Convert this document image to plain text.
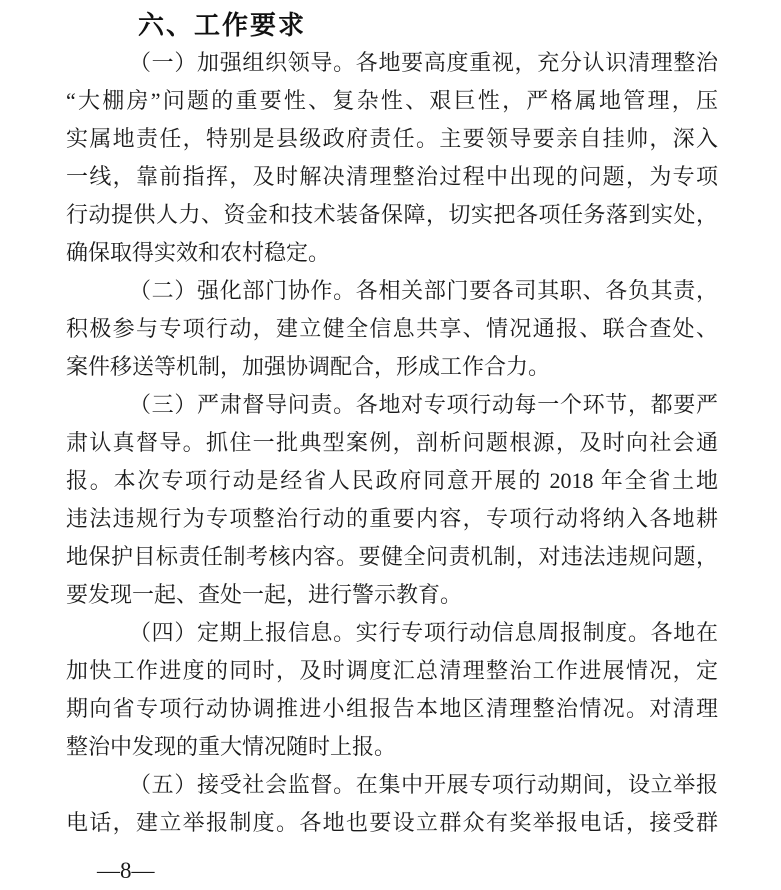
六、工作要求
（一）加强组织领导。各地要高度重视，充分认识清理整治
“大棚房”问题的重要性、复杂性、艰巨性，严格属地管理，压
实属地责任，特别是县级政府责任。主要领导要亲自挂帅，深入
一线，靠前指挥，及时解决清理整治过程中出现的问题，为专项
行动提供人力、资金和技术装备保障，切实把各项任务落到实处，
确保取得实效和农村稳定。
（二）强化部门协作。各相关部门要各司其职、各负其责，
积极参与专项行动，建立健全信息共享、情况通报、联合查处、
案件移送等机制，加强协调配合，形成工作合力。
（三）严肃督导问责。各地对专项行动每一个环节，都要严
肃认真督导。抓住一批典型案例，剖析问题根源，及时向社会通
报。本次专项行动是经省人民政府同意开展的 2018 年全省土地
违法违规行为专项整治行动的重要内容，专项行动将纳入各地耕
地保护目标责任制考核内容。要健全问责机制，对违法违规问题，
要发现一起、查处一起，进行警示教育。
（四）定期上报信息。实行专项行动信息周报制度。各地在
加快工作进度的同时，及时调度汇总清理整治工作进展情况，定
期向省专项行动协调推进小组报告本地区清理整治情况。对清理
整治中发现的重大情况随时上报。
（五）接受社会监督。在集中开展专项行动期间，设立举报
电话，建立举报制度。各地也要设立群众有奖举报电话，接受群
—8—
